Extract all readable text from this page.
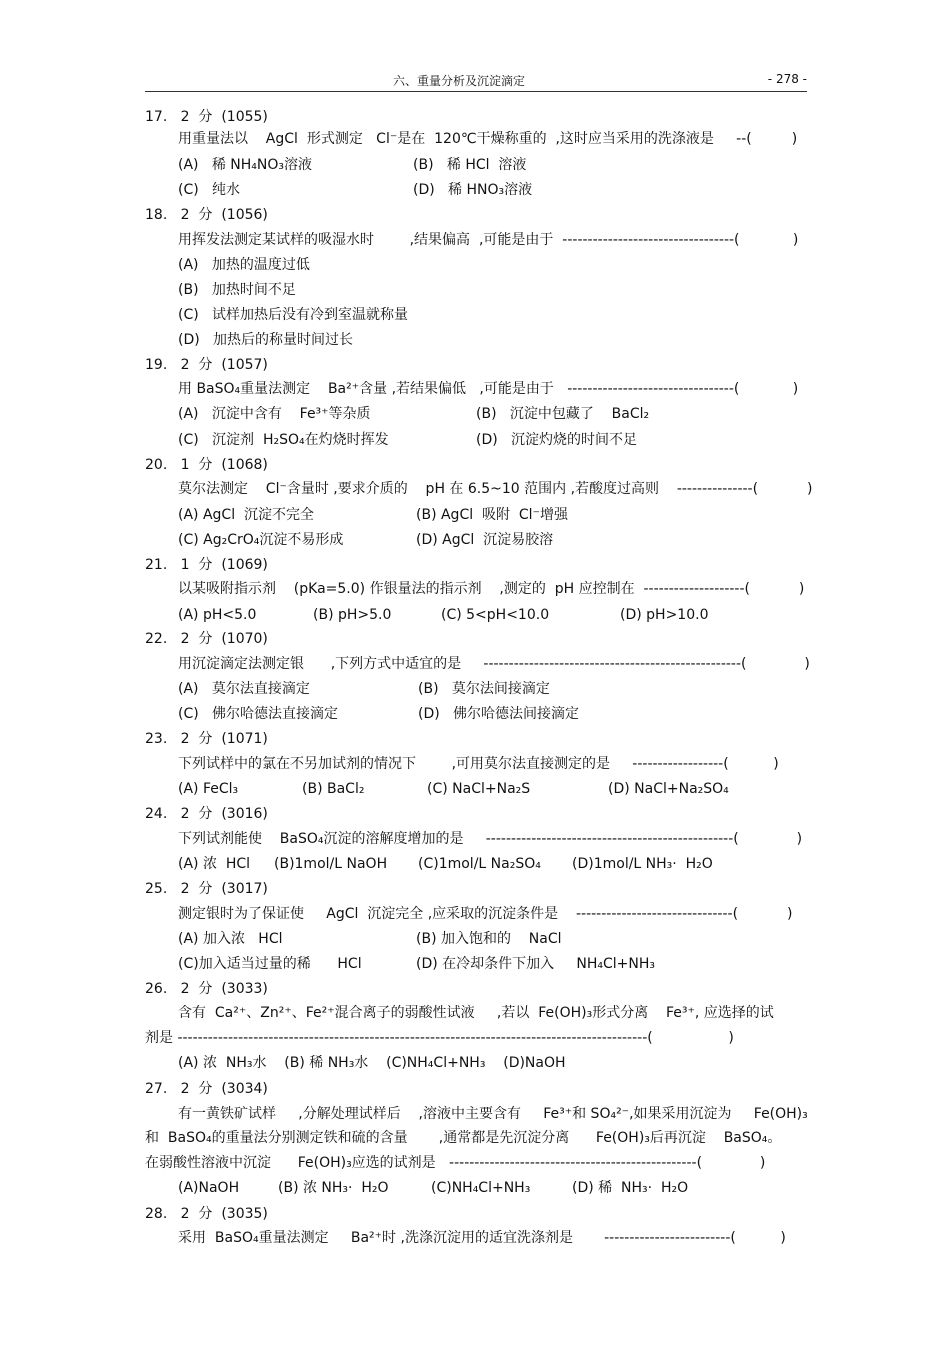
六、重量分析及沉淀滴定	- 278 -
17.   2  分  (1055)
用重量法以    AgCl  形式测定   Cl⁻是在  120℃干燥称重的  ,这时应当采用的洗涤液是     --(         )
(A)   稀 NH₄NO₃溶液	(B)   稀 HCl  溶液
(C)   纯水	(D)   稀 HNO₃溶液
18.   2  分  (1056)
用挥发法测定某试样的吸湿水时        ,结果偏高  ,可能是由于  ----------------------------------(            )
(A)   加热的温度过低
(B)   加热时间不足
(C)   试样加热后没有冷到室温就称量
(D)   加热后的称量时间过长
19.   2  分  (1057)
用 BaSO₄重量法测定    Ba²⁺含量 ,若结果偏低   ,可能是由于   ---------------------------------(            )
(A)   沉淀中含有    Fe³⁺等杂质	(B)   沉淀中包藏了    BaCl₂
(C)   沉淀剂  H₂SO₄在灼烧时挥发	(D)   沉淀灼烧的时间不足
20.   1  分  (1068)
莫尔法测定    Cl⁻含量时 ,要求介质的    pH 在 6.5~10 范围内 ,若酸度过高则    ---------------(           )
(A) AgCl  沉淀不完全	(B) AgCl  吸附  Cl⁻增强
(C) Ag₂CrO₄沉淀不易形成	(D) AgCl  沉淀易胶溶
21.   1  分  (1069)
以某吸附指示剂    (pKa=5.0) 作银量法的指示剂    ,测定的  pH 应控制在  --------------------(           )
(A) pH<5.0	(B) pH>5.0	(C) 5<pH<10.0	(D) pH>10.0
22.   2  分  (1070)
用沉淀滴定法测定银      ,下列方式中适宜的是     ---------------------------------------------------(             )
(A)   莫尔法直接滴定	(B)   莫尔法间接滴定
(C)   佛尔哈德法直接滴定	(D)   佛尔哈德法间接滴定
23.   2  分  (1071)
下列试样中的氯在不另加试剂的情况下        ,可用莫尔法直接测定的是     ------------------(          )
(A) FeCl₃	(B) BaCl₂	(C) NaCl+Na₂S	(D) NaCl+Na₂SO₄
24.   2  分  (3016)
下列试剂能使    BaSO₄沉淀的溶解度增加的是     -------------------------------------------------(             )
(A) 浓  HCl (B)1mol/L NaOH (C)1mol/L Na₂SO₄ (D)1mol/L NH₃·  H₂O
25.   2  分  (3017)
测定银时为了保证使     AgCl  沉淀完全 ,应采取的沉淀条件是    -------------------------------(           )
(A) 加入浓   HCl	(B) 加入饱和的    NaCl
(C)加入适当过量的稀      HCl	(D) 在冷却条件下加入     NH₄Cl+NH₃
26.   2  分  (3033)
含有  Ca²⁺、Zn²⁺、Fe²⁺混合离子的弱酸性试液     ,若以  Fe(OH)₃形式分离    Fe³⁺, 应选择的试
剂是 ---------------------------------------------------------------------------------------------(                 )
(A) 浓  NH₃水    (B) 稀 NH₃水    (C)NH₄Cl+NH₃    (D)NaOH
27.   2  分  (3034)
有一黄铁矿试样     ,分解处理试样后    ,溶液中主要含有     Fe³⁺和 SO₄²⁻,如果采用沉淀为     Fe(OH)₃
和  BaSO₄的重量法分别测定铁和硫的含量       ,通常都是先沉淀分离      Fe(OH)₃后再沉淀    BaSO₄。
在弱酸性溶液中沉淀      Fe(OH)₃应选的试剂是   -------------------------------------------------(             )
(A)NaOH	(B) 浓 NH₃·  H₂O	(C)NH₄Cl+NH₃	(D) 稀  NH₃·  H₂O
28.   2  分  (3035)
采用  BaSO₄重量法测定     Ba²⁺时 ,洗涤沉淀用的适宜洗涤剂是       -------------------------(          )
